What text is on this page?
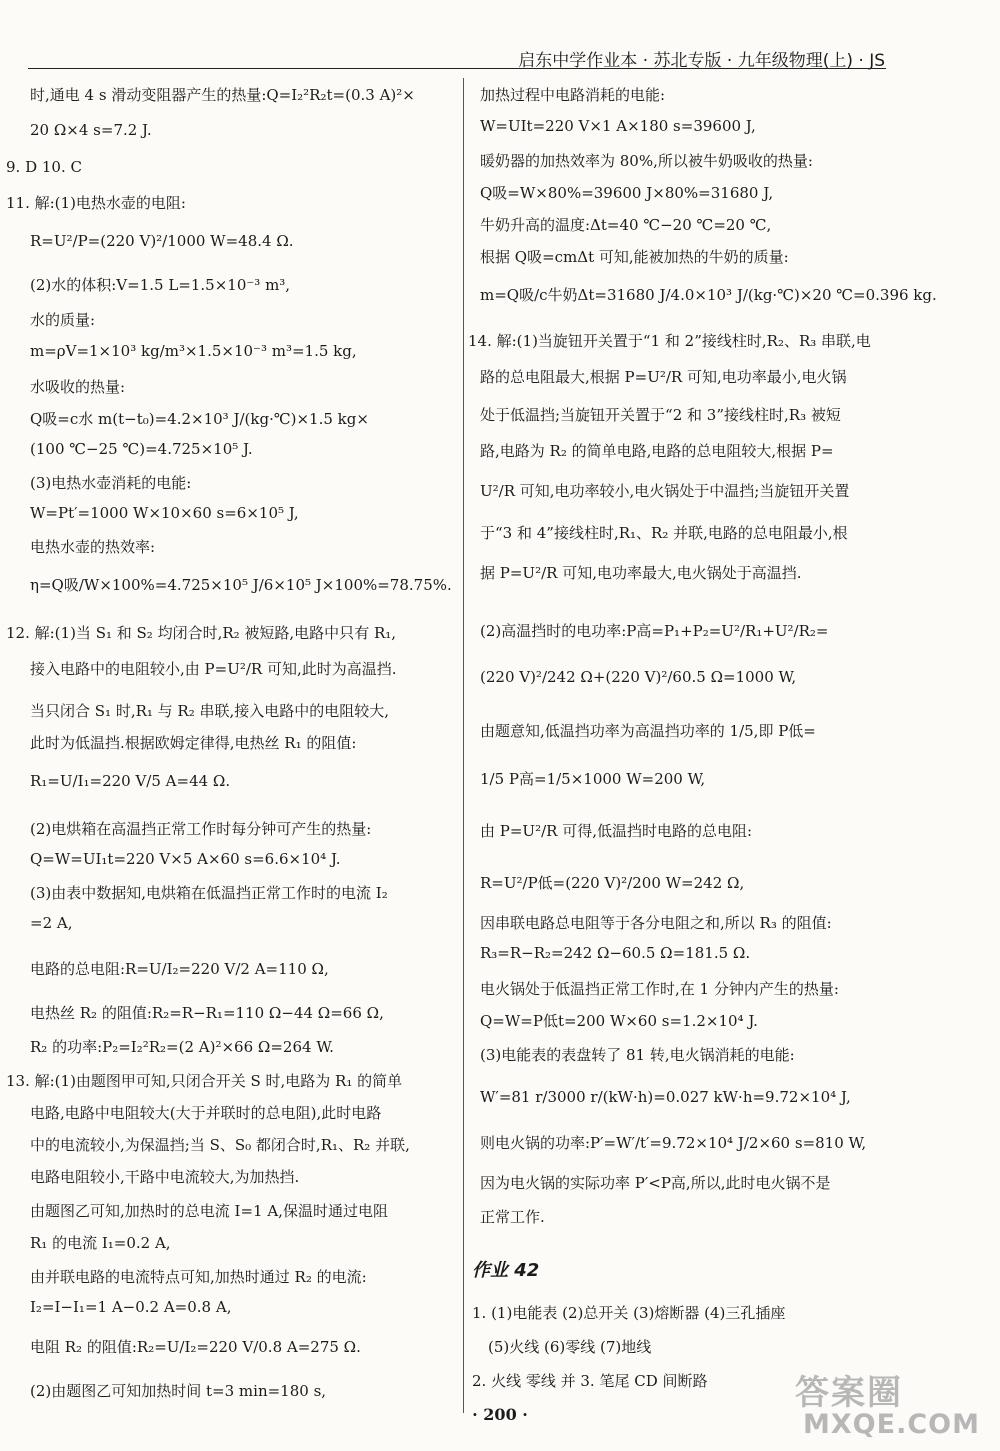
启东中学作业本 · 苏北专版 · 九年级物理(上) · JS
时,通电 4 s 滑动变阻器产生的热量:Q=I₂²R₂t=(0.3 A)²×
20 Ω×4 s=7.2 J.
9. D 10. C
11. 解:(1)电热水壶的电阻:
R=U²/P=(220 V)²/1000 W=48.4 Ω.
(2)水的体积:V=1.5 L=1.5×10⁻³ m³,
水的质量:
m=ρV=1×10³ kg/m³×1.5×10⁻³ m³=1.5 kg,
水吸收的热量:
Q吸=c水 m(t−t₀)=4.2×10³ J/(kg·℃)×1.5 kg×
(100 ℃−25 ℃)=4.725×10⁵ J.
(3)电热水壶消耗的电能:
W=Pt′=1000 W×10×60 s=6×10⁵ J,
电热水壶的热效率:
η=Q吸/W×100%=4.725×10⁵ J/6×10⁵ J×100%=78.75%.
12. 解:(1)当 S₁ 和 S₂ 均闭合时,R₂ 被短路,电路中只有 R₁,
接入电路中的电阻较小,由 P=U²/R 可知,此时为高温挡.
当只闭合 S₁ 时,R₁ 与 R₂ 串联,接入电路中的电阻较大,
此时为低温挡.根据欧姆定律得,电热丝 R₁ 的阻值:
R₁=U/I₁=220 V/5 A=44 Ω.
(2)电烘箱在高温挡正常工作时每分钟可产生的热量:
Q=W=UI₁t=220 V×5 A×60 s=6.6×10⁴ J.
(3)由表中数据知,电烘箱在低温挡正常工作时的电流 I₂
=2 A,
电路的总电阻:R=U/I₂=220 V/2 A=110 Ω,
电热丝 R₂ 的阻值:R₂=R−R₁=110 Ω−44 Ω=66 Ω,
R₂ 的功率:P₂=I₂²R₂=(2 A)²×66 Ω=264 W.
13. 解:(1)由题图甲可知,只闭合开关 S 时,电路为 R₁ 的简单
电路,电路中电阻较大(大于并联时的总电阻),此时电路
中的电流较小,为保温挡;当 S、S₀ 都闭合时,R₁、R₂ 并联,
电路电阻较小,干路中电流较大,为加热挡.
由题图乙可知,加热时的总电流 I=1 A,保温时通过电阻
R₁ 的电流 I₁=0.2 A,
由并联电路的电流特点可知,加热时通过 R₂ 的电流:
I₂=I−I₁=1 A−0.2 A=0.8 A,
电阻 R₂ 的阻值:R₂=U/I₂=220 V/0.8 A=275 Ω.
(2)由题图乙可知加热时间 t=3 min=180 s,
加热过程中电路消耗的电能:
W=UIt=220 V×1 A×180 s=39600 J,
暖奶器的加热效率为 80%,所以被牛奶吸收的热量:
Q吸=W×80%=39600 J×80%=31680 J,
牛奶升高的温度:Δt=40 ℃−20 ℃=20 ℃,
根据 Q吸=cmΔt 可知,能被加热的牛奶的质量:
m=Q吸/c牛奶Δt=31680 J/4.0×10³ J/(kg·℃)×20 ℃=0.396 kg.
14. 解:(1)当旋钮开关置于“1 和 2”接线柱时,R₂、R₃ 串联,电
路的总电阻最大,根据 P=U²/R 可知,电功率最小,电火锅
处于低温挡;当旋钮开关置于“2 和 3”接线柱时,R₃ 被短
路,电路为 R₂ 的简单电路,电路的总电阻较大,根据 P=
U²/R 可知,电功率较小,电火锅处于中温挡;当旋钮开关置
于“3 和 4”接线柱时,R₁、R₂ 并联,电路的总电阻最小,根
据 P=U²/R 可知,电功率最大,电火锅处于高温挡.
(2)高温挡时的电功率:P高=P₁+P₂=U²/R₁+U²/R₂=
(220 V)²/242 Ω+(220 V)²/60.5 Ω=1000 W,
由题意知,低温挡功率为高温挡功率的 1/5,即 P低=
1/5 P高=1/5×1000 W=200 W,
由 P=U²/R 可得,低温挡时电路的总电阻:
R=U²/P低=(220 V)²/200 W=242 Ω,
因串联电路总电阻等于各分电阻之和,所以 R₃ 的阻值:
R₃=R−R₂=242 Ω−60.5 Ω=181.5 Ω.
电火锅处于低温挡正常工作时,在 1 分钟内产生的热量:
Q=W=P低t=200 W×60 s=1.2×10⁴ J.
(3)电能表的表盘转了 81 转,电火锅消耗的电能:
W′=81 r/3000 r/(kW·h)=0.027 kW·h=9.72×10⁴ J,
则电火锅的功率:P′=W′/t′=9.72×10⁴ J/2×60 s=810 W,
因为电火锅的实际功率 P′<P高,所以,此时电火锅不是
正常工作.
作业 42
1. (1)电能表 (2)总开关 (3)熔断器 (4)三孔插座
(5)火线 (6)零线 (7)地线
2. 火线 零线 并 3. 笔尾 CD 间断路
· 200 ·
答案圈
MXQE.COM
